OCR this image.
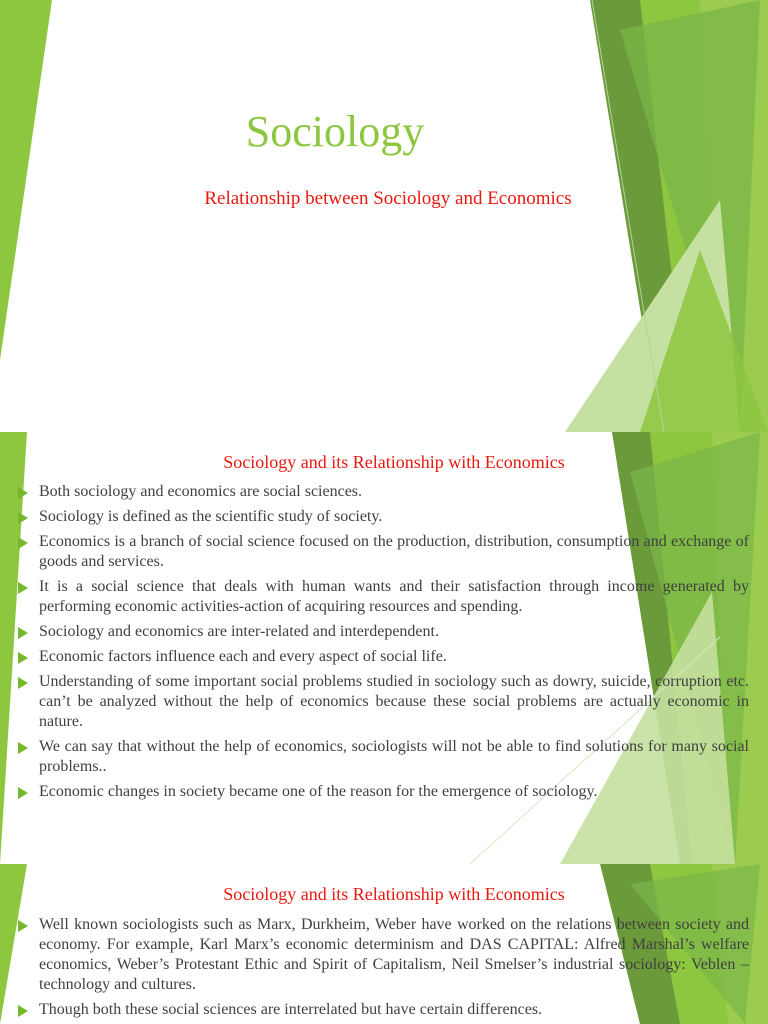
Sociology
Relationship between Sociology and Economics
Sociology and its Relationship with Economics
Both sociology and economics are social sciences.
Sociology is defined as the scientific study of society.
Economics is a branch of social science focused on the production, distribution, consumption and exchange of goods and services.
It is a social science that deals with human wants and their satisfaction through income generated by performing economic activities-action of acquiring resources and spending.
Sociology and economics are inter-related and interdependent.
Economic factors influence each and every aspect of social life.
Understanding of some important social problems studied in sociology such as dowry, suicide, corruption etc. can’t be analyzed without the help of economics because these social problems are actually economic in nature.
We can say that without the help of economics, sociologists will not be able to find solutions for many social problems..
Economic changes in society became one of the reason for the emergence of sociology.
Sociology and its Relationship with Economics
Well known sociologists such as Marx, Durkheim, Weber have worked on the relations between society and economy. For example, Karl Marx’s economic determinism and DAS CAPITAL: Alfred Marshal’s welfare economics, Weber’s Protestant Ethic and Spirit of Capitalism, Neil Smelser’s industrial sociology: Veblen –technology and cultures.
Though both these social sciences are interrelated but have certain differences.
